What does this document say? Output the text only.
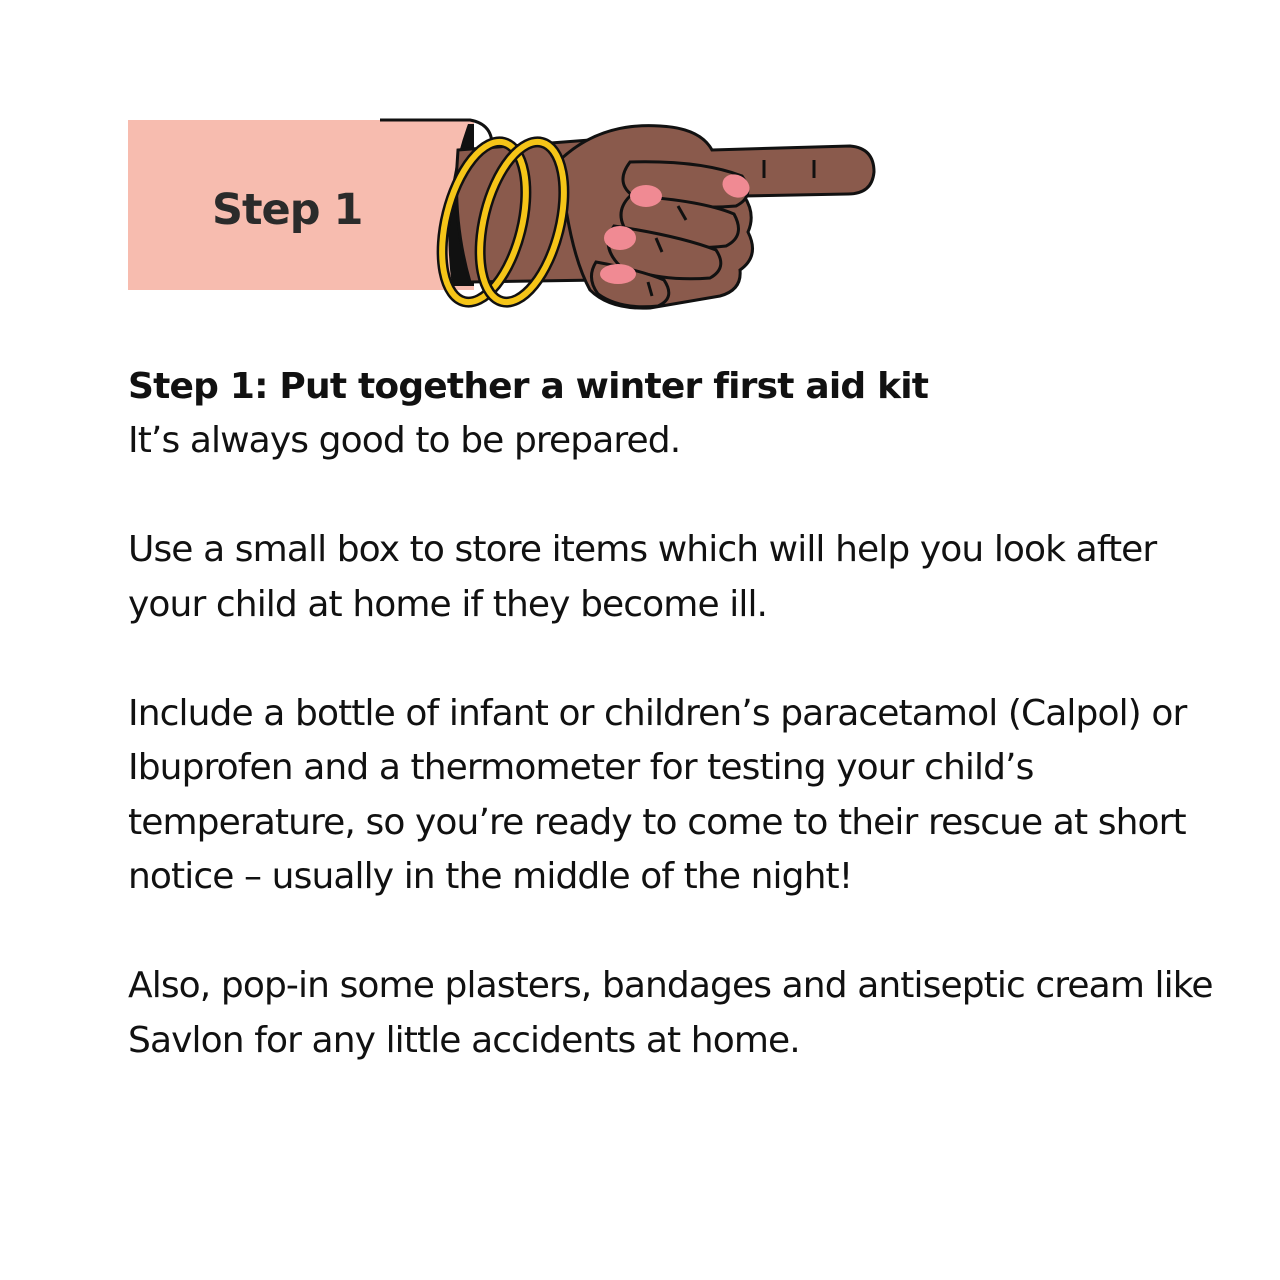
Step 1

Step 1: Put together a winter first aid kit

It’s always good to be prepared.

Use a small box to store items which will help you look after your child at home if they become ill.

Include a bottle of infant or children’s paracetamol (Calpol) or Ibuprofen and a thermometer for testing your child’s temperature, so you’re ready to come to their rescue at short notice – usually in the middle of the night!

Also, pop-in some plasters, bandages and antiseptic cream like Savlon for any little accidents at home.
